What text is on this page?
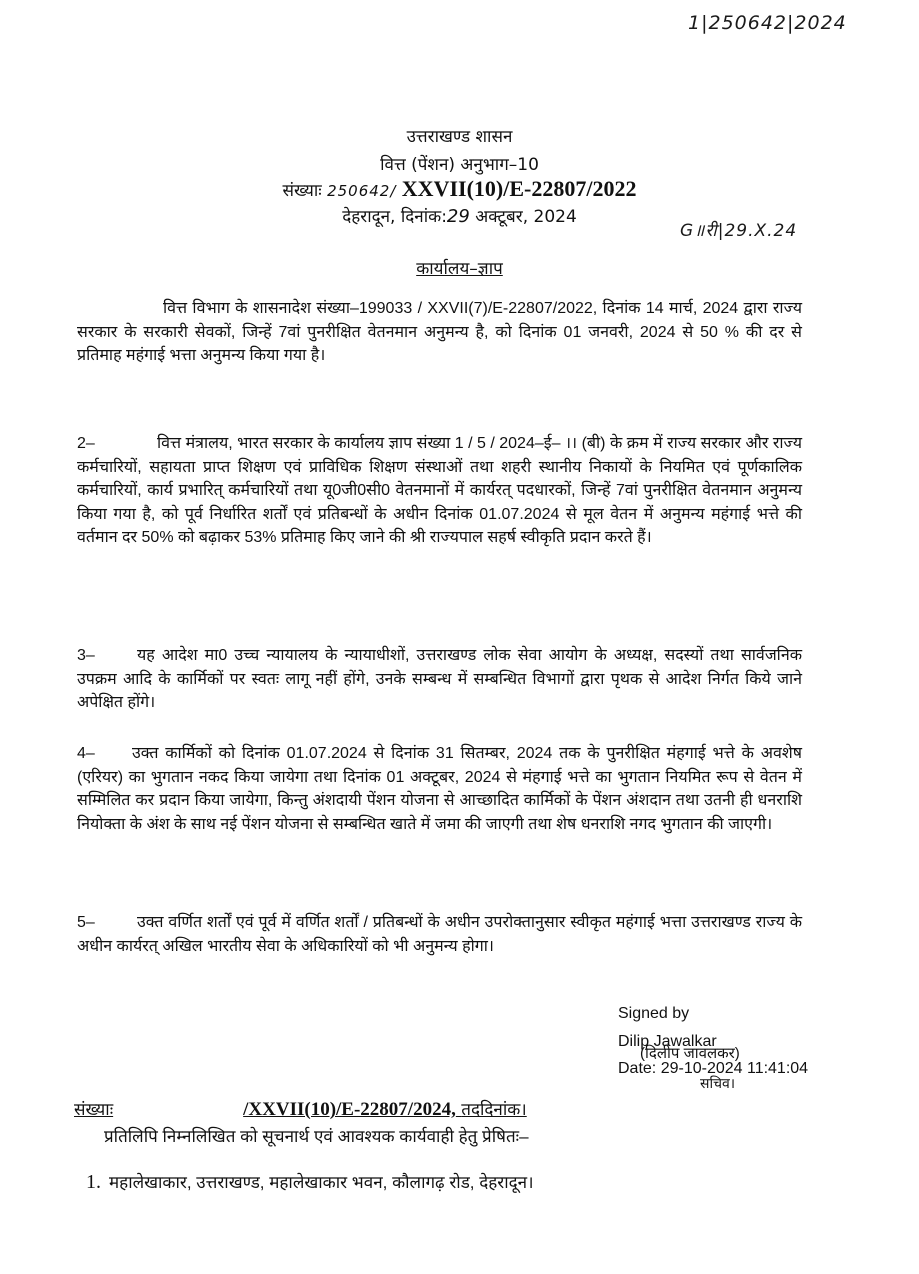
1|250642|2024
G॥री|29.X.24
उत्तराखण्ड शासन
वित्त (पेंशन) अनुभाग–10
संख्याः 250642/ XXVII(10)/E-22807/2022
देहरादून, दिनांक:29 अक्टूबर, 2024
कार्यालय–ज्ञाप
वित्त विभाग के शासनादेश संख्या–199033 / XXVII(7)/E-22807/2022, दिनांक 14 मार्च, 2024 द्वारा राज्य सरकार के सरकारी सेवकों, जिन्हें 7वां पुनरीक्षित वेतनमान अनुमन्य है, को दिनांक 01 जनवरी, 2024 से 50 % की दर से प्रतिमाह महंगाई भत्ता अनुमन्य किया गया है।
2–	वित्त मंत्रालय, भारत सरकार के कार्यालय ज्ञाप संख्या 1 / 5 / 2024–ई– ।। (बी) के क्रम में राज्य सरकार और राज्य कर्मचारियों, सहायता प्राप्त शिक्षण एवं प्राविधिक शिक्षण संस्थाओं तथा शहरी स्थानीय निकायों के नियमित एवं पूर्णकालिक कर्मचारियों, कार्य प्रभारित् कर्मचारियों तथा यू0जी0सी0 वेतनमानों में कार्यरत् पदधारकों, जिन्हें 7वां पुनरीक्षित वेतनमान अनुमन्य किया गया है, को पूर्व निर्धारित शर्तों एवं प्रतिबन्धों के अधीन दिनांक 01.07.2024 से मूल वेतन में अनुमन्य महंगाई भत्ते की वर्तमान दर 50% को बढ़ाकर 53% प्रतिमाह किए जाने की श्री राज्यपाल सहर्ष स्वीकृति प्रदान करते हैं।
3–	यह आदेश मा0 उच्च न्यायालय के न्यायाधीशों, उत्तराखण्ड लोक सेवा आयोग के अध्यक्ष, सदस्यों तथा सार्वजनिक उपक्रम आदि के कार्मिकों पर स्वतः लागू नहीं होंगे, उनके सम्बन्ध में सम्बन्धित विभागों द्वारा पृथक से आदेश निर्गत किये जाने अपेक्षित होंगे।
4– उक्त कार्मिकों को दिनांक 01.07.2024 से दिनांक 31 सितम्बर, 2024 तक के पुनरीक्षित मंहगाई भत्ते के अवशेष (एरियर) का भुगतान नकद किया जायेगा तथा दिनांक 01 अक्टूबर, 2024 से मंहगाई भत्ते का भुगतान नियमित रूप से वेतन में सम्मिलित कर प्रदान किया जायेगा, किन्तु अंशदायी पेंशन योजना से आच्छादित कार्मिकों के पेंशन अंशदान तथा उतनी ही धनराशि नियोक्ता के अंश के साथ नई पेंशन योजना से सम्बन्धित खाते में जमा की जाएगी तथा शेष धनराशि नगद भुगतान की जाएगी।
5–	उक्त वर्णित शर्तों एवं पूर्व में वर्णित शर्तों / प्रतिबन्धों के अधीन उपरोक्तानुसार स्वीकृत महंगाई भत्ता उत्तराखण्ड राज्य के अधीन कार्यरत् अखिल भारतीय सेवा के अधिकारियों को भी अनुमन्य होगा।
Signed by
Dilip Jawalkar
(दिलीप जावलकर)
Date: 29-10-2024 11:41:04
सचिव।
संख्याः	/XXVII(10)/E-22807/2024, तददिनांक।
प्रतिलिपि निम्नलिखित को सूचनार्थ एवं आवश्यक कार्यवाही हेतु प्रेषितः–
1. महालेखाकार, उत्तराखण्ड, महालेखाकार भवन, कौलागढ़ रोड, देहरादून।
